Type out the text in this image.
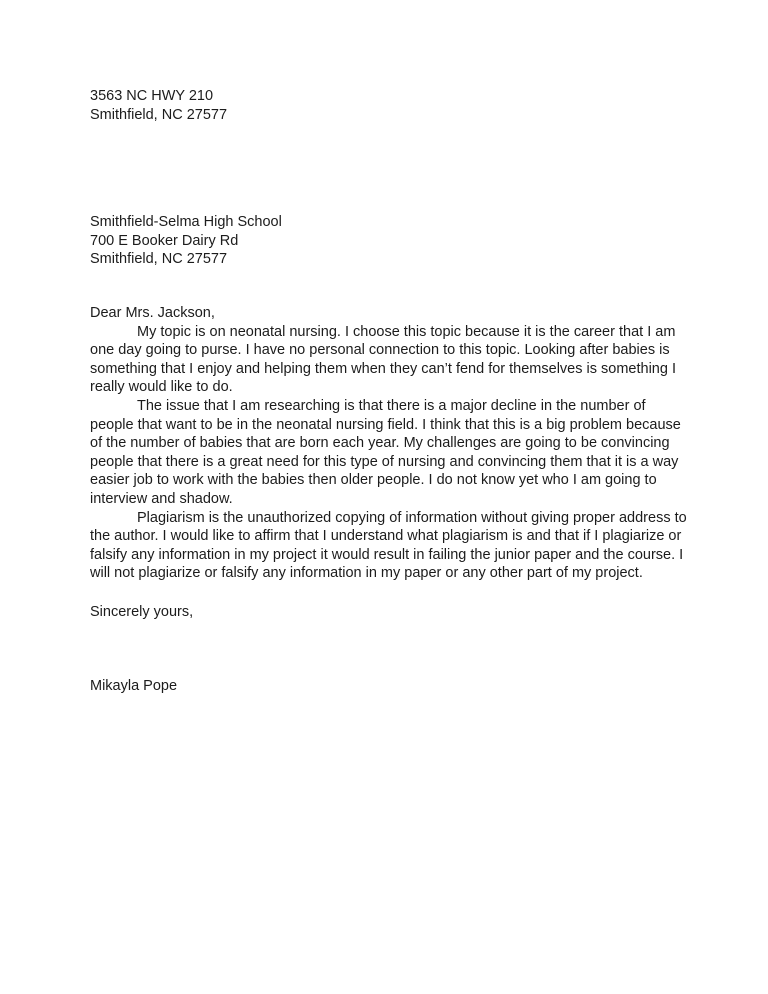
3563 NC HWY 210
Smithfield, NC 27577
Smithfield-Selma High School
700 E Booker Dairy Rd
Smithfield, NC 27577
Dear Mrs. Jackson,

My topic is on neonatal nursing. I choose this topic because it is the career that I am one day going to purse. I have no personal connection to this topic. Looking after babies is something that I enjoy and helping them when they can’t fend for themselves is something I really would like to do.

The issue that I am researching is that there is a major decline in the number of people that want to be in the neonatal nursing field. I think that this is a big problem because of the number of babies that are born each year. My challenges are going to be convincing people that there is a great need for this type of nursing and convincing them that it is a way easier job to work with the babies then older people. I do not know yet who I am going to interview and shadow.

Plagiarism is the unauthorized copying of information without giving proper address to the author. I would like to affirm that I understand what plagiarism is and that if I plagiarize or falsify any information in my project it would result in failing the junior paper and the course. I will not plagiarize or falsify any information in my paper or any other part of my project.

Sincerely yours,
Mikayla Pope
